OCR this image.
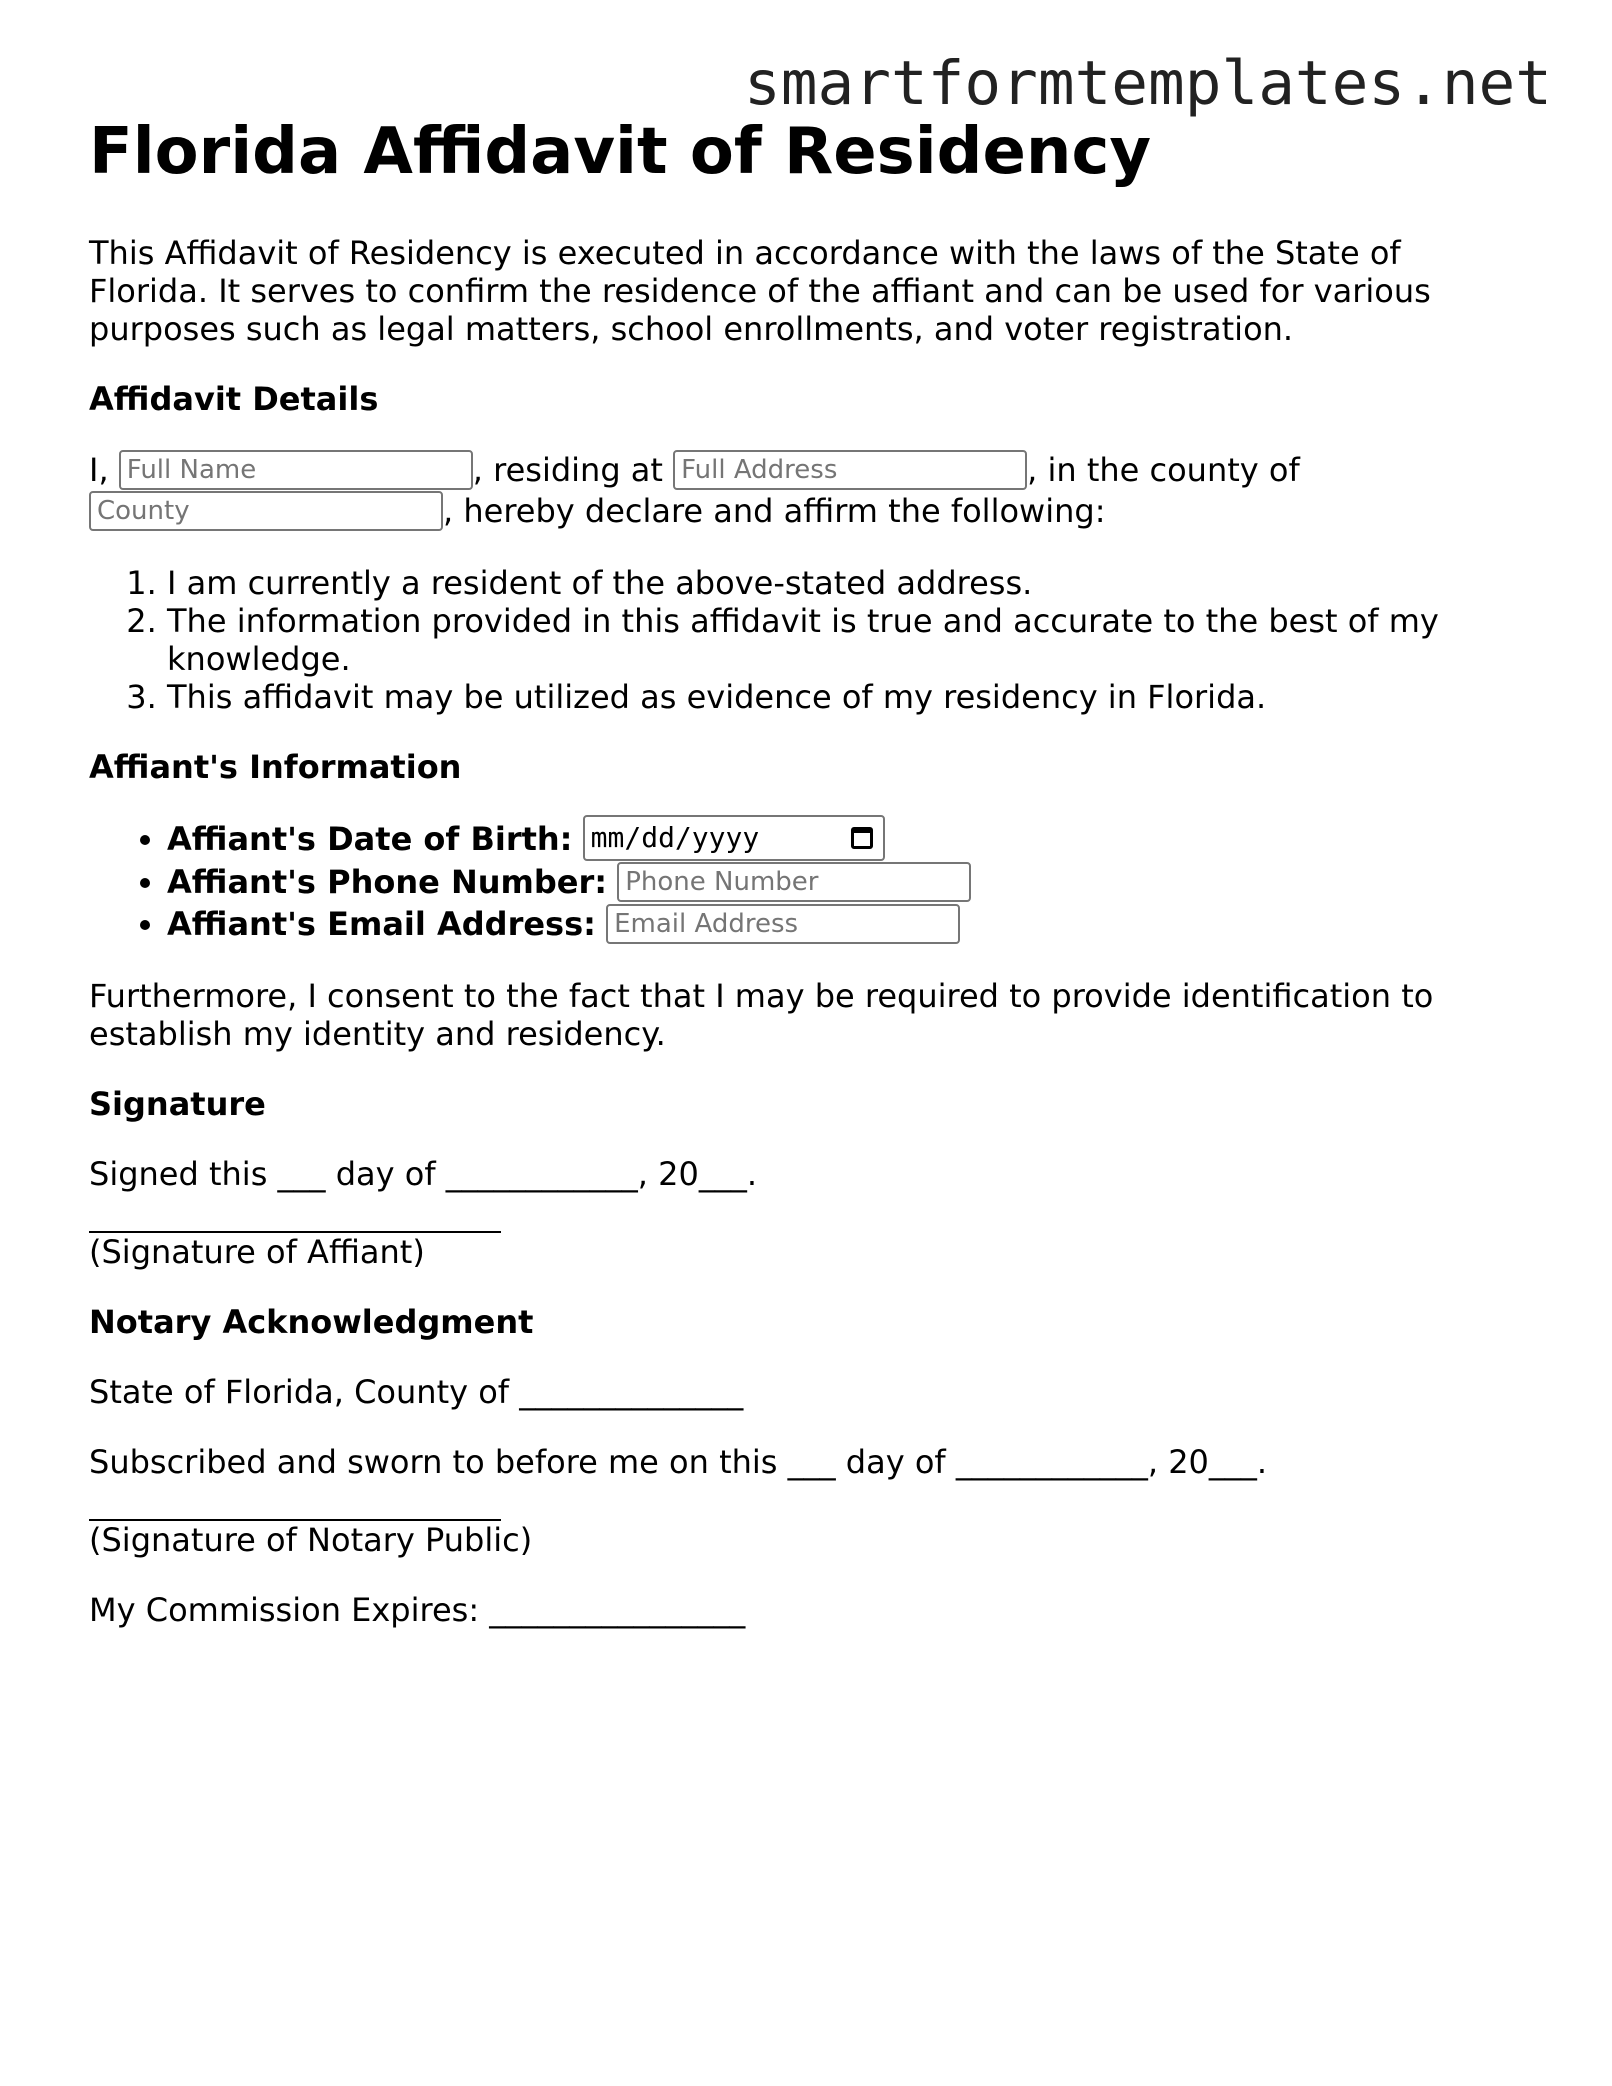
smartformtemplates.net
Florida Affidavit of Residency

This Affidavit of Residency is executed in accordance with the laws of the State of Florida. It serves to confirm the residence of the affiant and can be used for various purposes such as legal matters, school enrollments, and voter registration.

Affidavit Details

I, Full Name	, residing at Full Address	, in the county of County, hereby declare and affirm the following:

1. I am currently a resident of the above-stated address.
2. The information provided in this affidavit is true and accurate to the best of my knowledge.
3. This affidavit may be utilized as evidence of my residency in Florida.
Affiant's Information
• Affiant's Date of Birth: mm/dd/yyyy
• Affiant's Phone Number: Phone Number
• Affiant's Email Address: Email Address

Furthermore, I consent to the fact that I may be required to provide identification to establish my identity and residency.

Signature

Signed this ___ day of ____________, 20___.

(Signature of Affiant)

Notary Acknowledgment

State of Florida, County of ______________

Subscribed and sworn to before me on this ___ day of ____________, 20___.

(Signature of Notary Public)

My Commission Expires: ________________
